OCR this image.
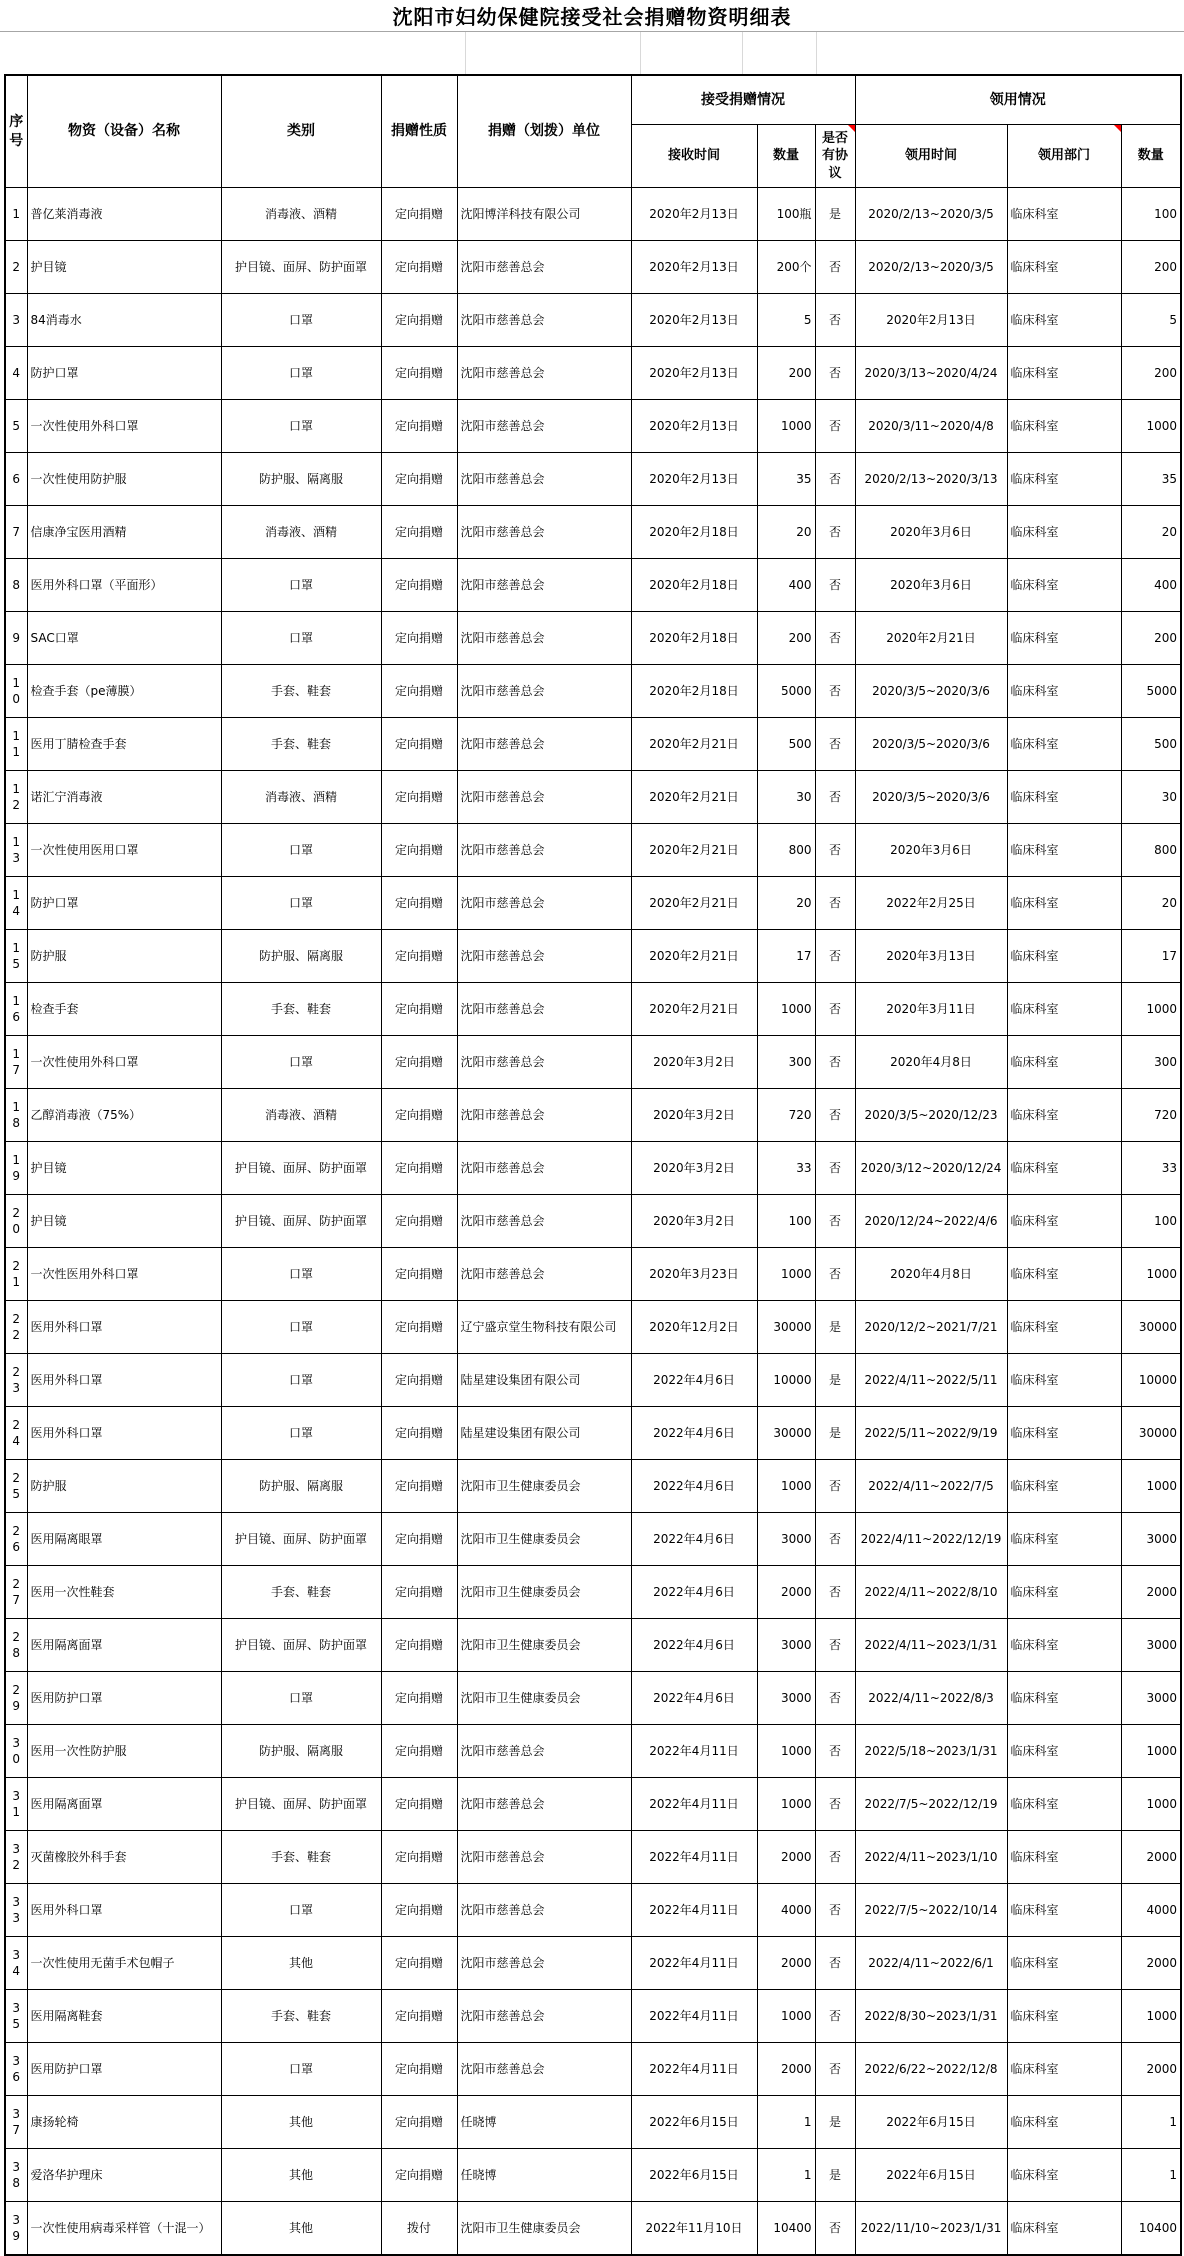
沈阳市妇幼保健院接受社会捐赠物资明细表
序号	物资（设备）名称	类别	捐赠性质	捐赠（划拨）单位	接受捐赠情况			领用情况		
					接收时间	数量	是否有协议	领用时间	领用部门	数量
1	普亿莱消毒液	消毒液、酒精	定向捐赠	沈阳博洋科技有限公司	2020年2月13日	100瓶	是	2020/2/13~2020/3/5	临床科室	100
2	护目镜	护目镜、面屏、防护面罩	定向捐赠	沈阳市慈善总会	2020年2月13日	200个	否	2020/2/13~2020/3/5	临床科室	200
3	84消毒水	口罩	定向捐赠	沈阳市慈善总会	2020年2月13日	5	否	2020年2月13日	临床科室	5
4	防护口罩	口罩	定向捐赠	沈阳市慈善总会	2020年2月13日	200	否	2020/3/13~2020/4/24	临床科室	200
5	一次性使用外科口罩	口罩	定向捐赠	沈阳市慈善总会	2020年2月13日	1000	否	2020/3/11~2020/4/8	临床科室	1000
6	一次性使用防护服	防护服、隔离服	定向捐赠	沈阳市慈善总会	2020年2月13日	35	否	2020/2/13~2020/3/13	临床科室	35
7	信康净宝医用酒精	消毒液、酒精	定向捐赠	沈阳市慈善总会	2020年2月18日	20	否	2020年3月6日	临床科室	20
8	医用外科口罩（平面形）	口罩	定向捐赠	沈阳市慈善总会	2020年2月18日	400	否	2020年3月6日	临床科室	400
9	SAC口罩	口罩	定向捐赠	沈阳市慈善总会	2020年2月18日	200	否	2020年2月21日	临床科室	200
10	检查手套（pe薄膜）	手套、鞋套	定向捐赠	沈阳市慈善总会	2020年2月18日	5000	否	2020/3/5~2020/3/6	临床科室	5000
11	医用丁腈检查手套	手套、鞋套	定向捐赠	沈阳市慈善总会	2020年2月21日	500	否	2020/3/5~2020/3/6	临床科室	500
12	诺汇宁消毒液	消毒液、酒精	定向捐赠	沈阳市慈善总会	2020年2月21日	30	否	2020/3/5~2020/3/6	临床科室	30
13	一次性使用医用口罩	口罩	定向捐赠	沈阳市慈善总会	2020年2月21日	800	否	2020年3月6日	临床科室	800
14	防护口罩	口罩	定向捐赠	沈阳市慈善总会	2020年2月21日	20	否	2022年2月25日	临床科室	20
15	防护服	防护服、隔离服	定向捐赠	沈阳市慈善总会	2020年2月21日	17	否	2020年3月13日	临床科室	17
16	检查手套	手套、鞋套	定向捐赠	沈阳市慈善总会	2020年2月21日	1000	否	2020年3月11日	临床科室	1000
17	一次性使用外科口罩	口罩	定向捐赠	沈阳市慈善总会	2020年3月2日	300	否	2020年4月8日	临床科室	300
18	乙醇消毒液（75%）	消毒液、酒精	定向捐赠	沈阳市慈善总会	2020年3月2日	720	否	2020/3/5~2020/12/23	临床科室	720
19	护目镜	护目镜、面屏、防护面罩	定向捐赠	沈阳市慈善总会	2020年3月2日	33	否	2020/3/12~2020/12/24	临床科室	33
20	护目镜	护目镜、面屏、防护面罩	定向捐赠	沈阳市慈善总会	2020年3月2日	100	否	2020/12/24~2022/4/6	临床科室	100
21	一次性医用外科口罩	口罩	定向捐赠	沈阳市慈善总会	2020年3月23日	1000	否	2020年4月8日	临床科室	1000
22	医用外科口罩	口罩	定向捐赠	辽宁盛京堂生物科技有限公司	2020年12月2日	30000	是	2020/12/2~2021/7/21	临床科室	30000
23	医用外科口罩	口罩	定向捐赠	陆星建设集团有限公司	2022年4月6日	10000	是	2022/4/11~2022/5/11	临床科室	10000
24	医用外科口罩	口罩	定向捐赠	陆星建设集团有限公司	2022年4月6日	30000	是	2022/5/11~2022/9/19	临床科室	30000
25	防护服	防护服、隔离服	定向捐赠	沈阳市卫生健康委员会	2022年4月6日	1000	否	2022/4/11~2022/7/5	临床科室	1000
26	医用隔离眼罩	护目镜、面屏、防护面罩	定向捐赠	沈阳市卫生健康委员会	2022年4月6日	3000	否	2022/4/11~2022/12/19	临床科室	3000
27	医用一次性鞋套	手套、鞋套	定向捐赠	沈阳市卫生健康委员会	2022年4月6日	2000	否	2022/4/11~2022/8/10	临床科室	2000
28	医用隔离面罩	护目镜、面屏、防护面罩	定向捐赠	沈阳市卫生健康委员会	2022年4月6日	3000	否	2022/4/11~2023/1/31	临床科室	3000
29	医用防护口罩	口罩	定向捐赠	沈阳市卫生健康委员会	2022年4月6日	3000	否	2022/4/11~2022/8/3	临床科室	3000
30	医用一次性防护服	防护服、隔离服	定向捐赠	沈阳市慈善总会	2022年4月11日	1000	否	2022/5/18~2023/1/31	临床科室	1000
31	医用隔离面罩	护目镜、面屏、防护面罩	定向捐赠	沈阳市慈善总会	2022年4月11日	1000	否	2022/7/5~2022/12/19	临床科室	1000
32	灭菌橡胶外科手套	手套、鞋套	定向捐赠	沈阳市慈善总会	2022年4月11日	2000	否	2022/4/11~2023/1/10	临床科室	2000
33	医用外科口罩	口罩	定向捐赠	沈阳市慈善总会	2022年4月11日	4000	否	2022/7/5~2022/10/14	临床科室	4000
34	一次性使用无菌手术包帽子	其他	定向捐赠	沈阳市慈善总会	2022年4月11日	2000	否	2022/4/11~2022/6/1	临床科室	2000
35	医用隔离鞋套	手套、鞋套	定向捐赠	沈阳市慈善总会	2022年4月11日	1000	否	2022/8/30~2023/1/31	临床科室	1000
36	医用防护口罩	口罩	定向捐赠	沈阳市慈善总会	2022年4月11日	2000	否	2022/6/22~2022/12/8	临床科室	2000
37	康扬轮椅	其他	定向捐赠	任晓博	2022年6月15日	1	是	2022年6月15日	临床科室	1
38	爱洛华护理床	其他	定向捐赠	任晓博	2022年6月15日	1	是	2022年6月15日	临床科室	1
39	一次性使用病毒采样管（十混一）	其他	拨付	沈阳市卫生健康委员会	2022年11月10日	10400	否	2022/11/10~2023/1/31	临床科室	10400
